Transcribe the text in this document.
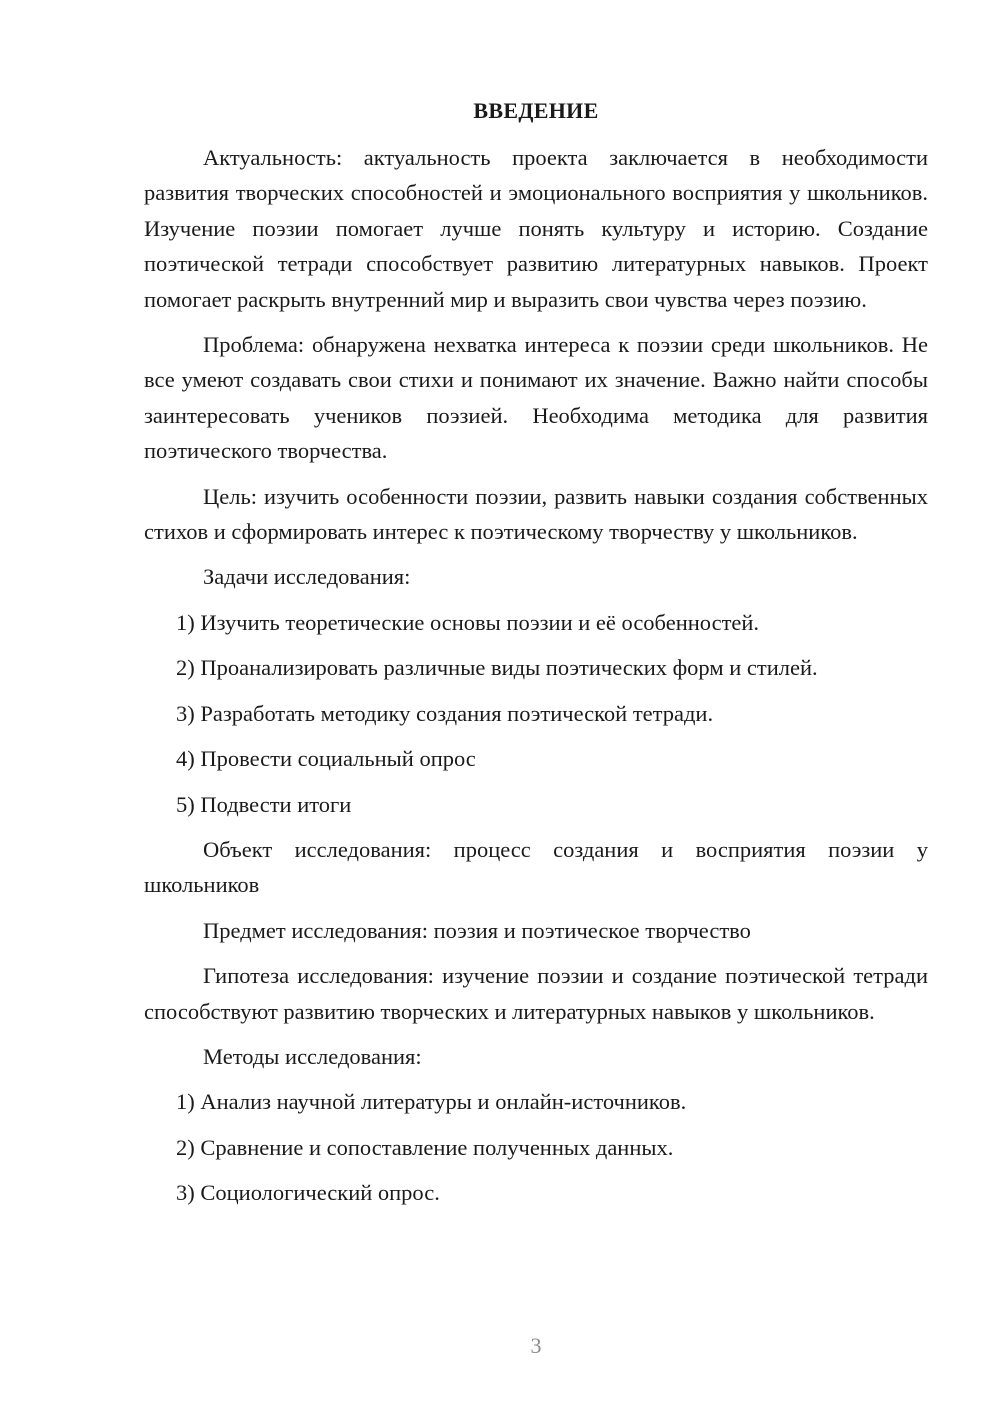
ВВЕДЕНИЕ

Актуальность: актуальность проекта заключается в необходимости развития творческих способностей и эмоционального восприятия у школьников. Изучение поэзии помогает лучше понять культуру и историю. Создание поэтической тетради способствует развитию литературных навыков. Проект помогает раскрыть внутренний мир и выразить свои чувства через поэзию.

Проблема: обнаружена нехватка интереса к поэзии среди школьников. Не все умеют создавать свои стихи и понимают их значение. Важно найти способы заинтересовать учеников поэзией. Необходима методика для развития поэтического творчества.

Цель: изучить особенности поэзии, развить навыки создания собственных стихов и сформировать интерес к поэтическому творчеству у школьников.

Задачи исследования:

1) Изучить теоретические основы поэзии и её особенностей.

2) Проанализировать различные виды поэтических форм и стилей.

3) Разработать методику создания поэтической тетради.

4) Провести социальный опрос

5) Подвести итоги

Объект исследования: процесс создания и восприятия поэзии у школьников

Предмет исследования: поэзия и поэтическое творчество

Гипотеза исследования: изучение поэзии и создание поэтической тетради способствуют развитию творческих и литературных навыков у школьников.

Методы исследования:

1) Анализ научной литературы и онлайн-источников.

2) Сравнение и сопоставление полученных данных.

3) Социологический опрос.

3
